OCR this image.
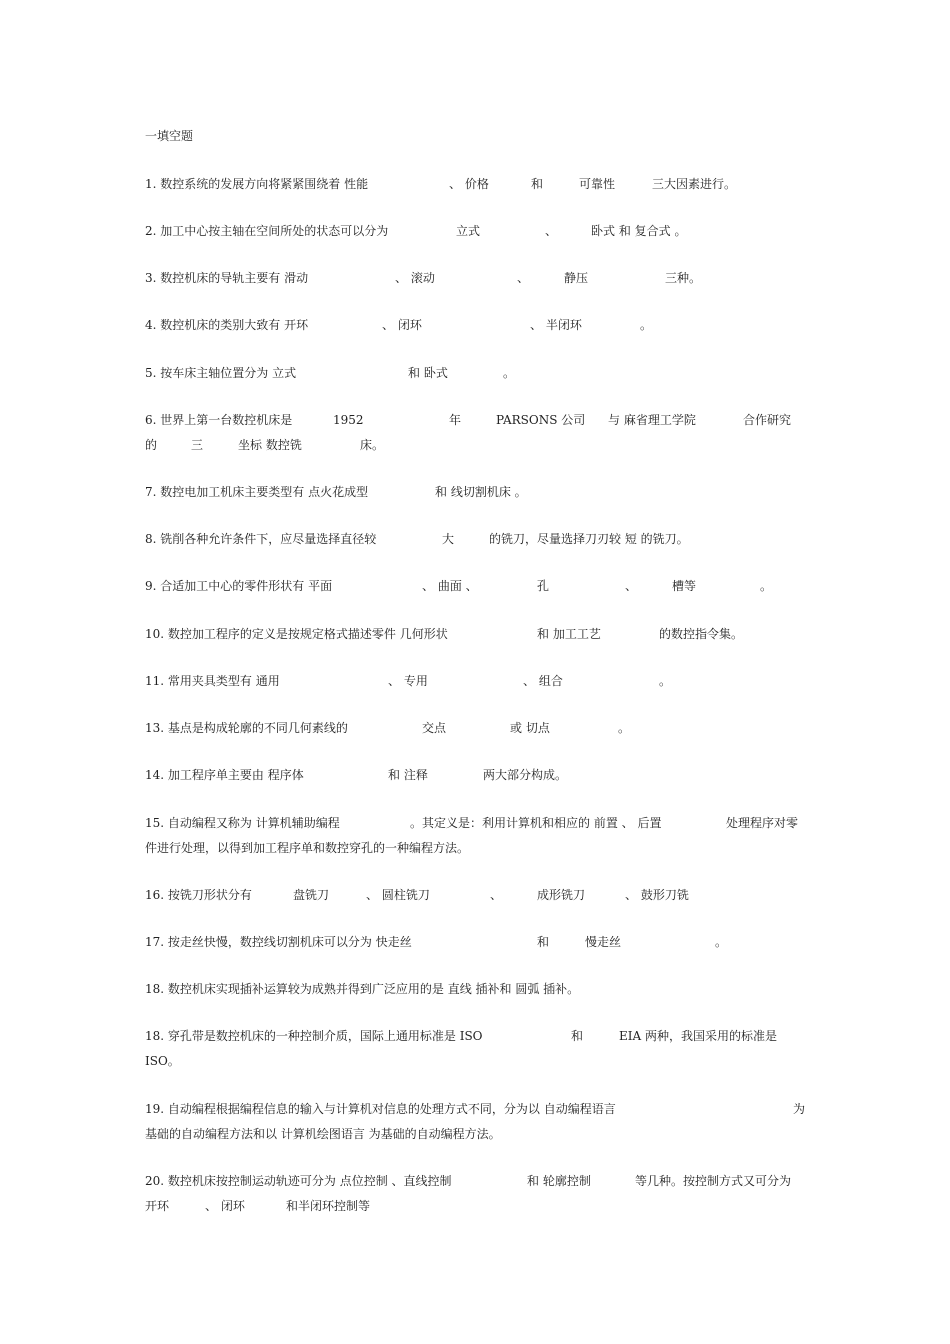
一填空题

1. 数控系统的发展方向将紧紧围绕着 性能

	、 价格

	和

	可靠性

	三大因素进行。

2. 加工中心按主轴在空间所处的状态可以分为

	立式

	、

	卧式 和 复合式 。

3. 数控机床的导轨主要有 滑动

	、 滚动

	、

	静压

	三种。

4. 数控机床的类别大致有 开环

	、 闭环

	、 半闭环

	。

5. 按车床主轴位置分为 立式

	和 卧式

	。

6. 世界上第一台数控机床是

	1952

	年

	PARSONS 公司

与 麻省理工学院

	合作研究

的

	三

	坐标 数控铣

	床。

7. 数控电加工机床主要类型有 点火花成型

	和 线切割机床 。

8. 铣削各种允许条件下，应尽量选择直径较

	大

	的铣刀，尽量选择刀刃较 短 的铣刀。

9. 合适加工中心的零件形状有 平面

	、 曲面 、

	孔

	、

	槽等

	。

10. 数控加工程序的定义是按规定格式描述零件 几何形状

	和 加工工艺

	的数控指令集。

11. 常用夹具类型有 通用

	、 专用

	、 组合

	。

13. 基点是构成轮廓的不同几何素线的

	交点

	或 切点

	。

14. 加工程序单主要由 程序体

	和 注释

	两大部分构成。

15. 自动编程又称为 计算机辅助编程

	。其定义是：利用计算机和相应的 前置 、 后置

	处理程序对零

件进行处理，以得到加工程序单和数控穿孔的一种编程方法。

16. 按铣刀形状分有

	盘铣刀

	、 圆柱铣刀

	、

	成形铣刀

	、 鼓形刀铣

17. 按走丝快慢，数控线切割机床可以分为 快走丝

	和

	慢走丝

	。

18. 数控机床实现插补运算较为成熟并得到广泛应用的是 直线 插补和 圆弧 插补。

18. 穿孔带是数控机床的一种控制介质，国际上通用标准是 ISO

	和

	EIA 两种，我国采用的标准是

ISO。

19. 自动编程根据编程信息的输入与计算机对信息的处理方式不同，分为以 自动编程语言

	为

基础的自动编程方法和以 计算机绘图语言 为基础的自动编程方法。

20. 数控机床按控制运动轨迹可分为 点位控制 、直线控制

	和 轮廓控制

	等几种。按控制方式又可分为

开环

	、 闭环

	和半闭环控制等
